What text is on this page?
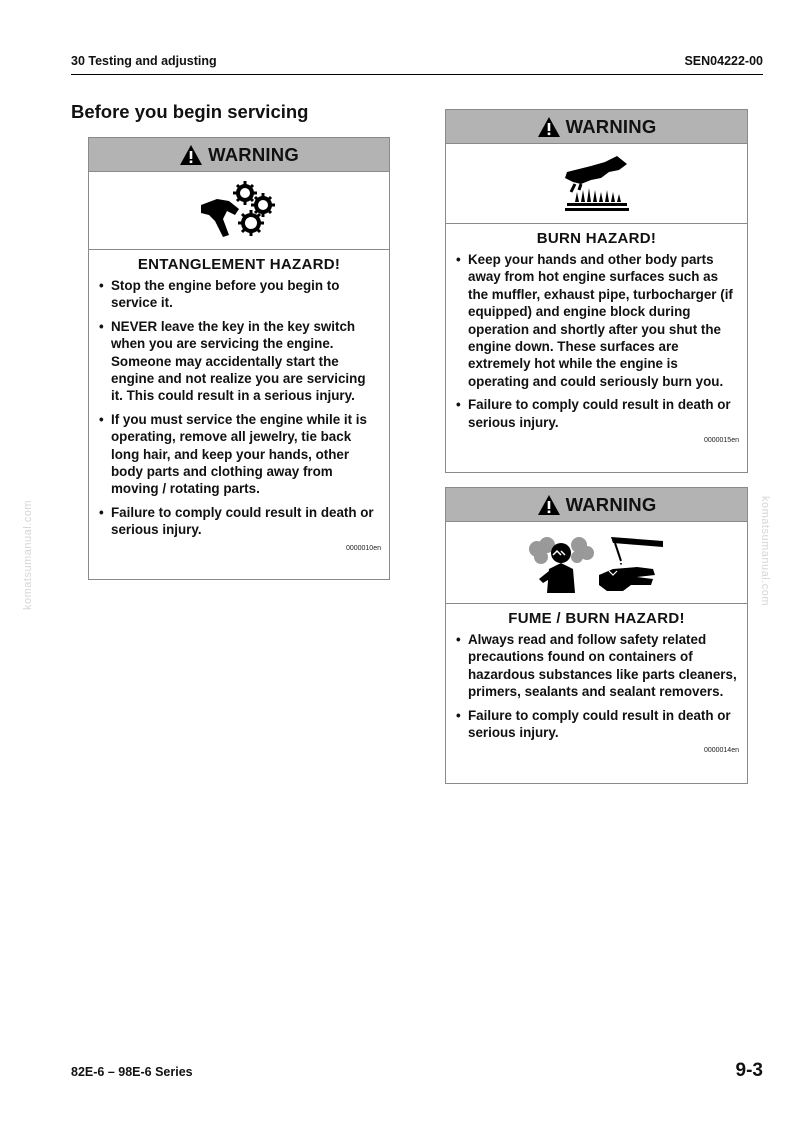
30 Testing and adjusting	SEN04222-00
Before you begin servicing
WARNING
ENTANGLEMENT HAZARD!
• Stop the engine before you begin to service it.
• NEVER leave the key in the key switch when you are servicing the engine. Someone may accidentally start the engine and not realize you are servicing it. This could result in a serious injury.
• If you must service the engine while it is operating, remove all jewelry, tie back long hair, and keep your hands, other body parts and clothing away from moving / rotating parts.
• Failure to comply could result in death or serious injury.
0000010en
WARNING
BURN HAZARD!
• Keep your hands and other body parts away from hot engine surfaces such as the muffler, exhaust pipe, turbocharger (if equipped) and engine block during operation and shortly after you shut the engine down. These surfaces are extremely hot while the engine is operating and could seriously burn you.
• Failure to comply could result in death or serious injury.
0000015en
WARNING
FUME / BURN HAZARD!
• Always read and follow safety related precautions found on containers of hazardous substances like parts cleaners, primers, sealants and sealant removers.
• Failure to comply could result in death or serious injury.
0000014en
komatsumanual.com	komatsumanual.com
82E-6 – 98E-6 Series	9-3
